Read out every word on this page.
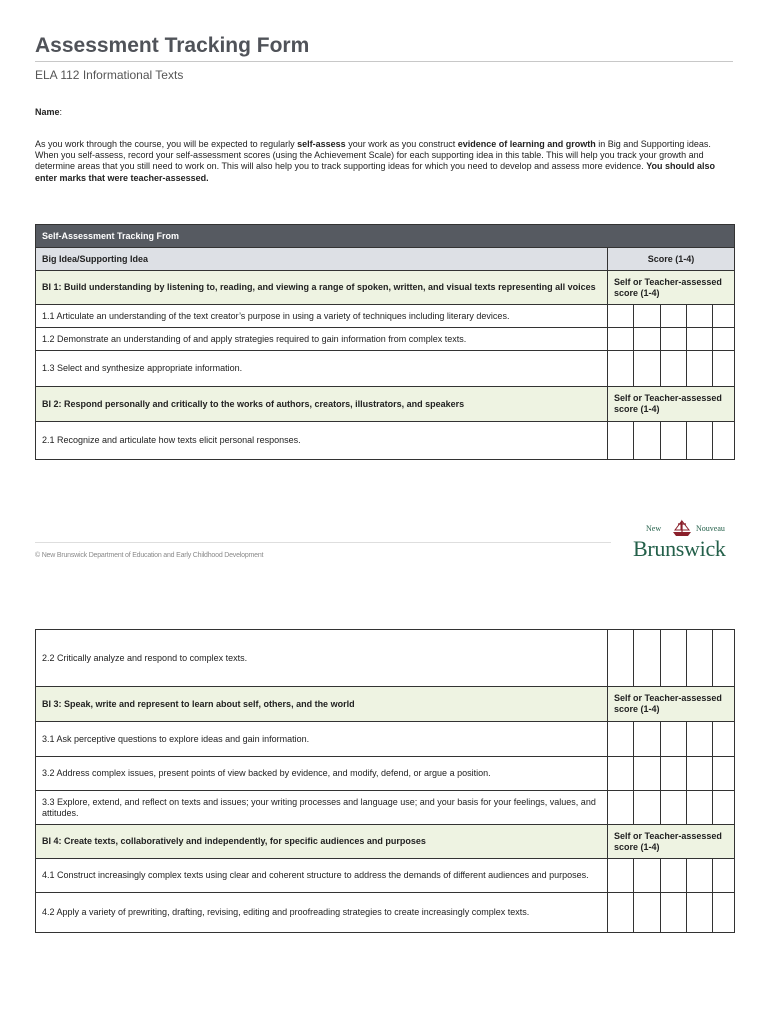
Assessment Tracking Form
ELA 112 Informational Texts
Name:
As you work through the course, you will be expected to regularly self-assess your work as you construct evidence of learning and growth in Big and Supporting ideas. When you self-assess, record your self-assessment scores (using the Achievement Scale) for each supporting idea in this table. This will help you track your growth and determine areas that you still need to work on. This will also help you to track supporting ideas for which you need to develop and assess more evidence. You should also enter marks that were teacher-assessed.
Self-Assessment Tracking From					
Big Idea/Supporting Idea	Score (1-4)				
BI 1: Build understanding by listening to, reading, and viewing a range of spoken, written, and visual texts representing all voices	Self or Teacher-assessed score (1-4)				
1.1 Articulate an understanding of the text creator’s purpose in using a variety of techniques including literary devices.					
1.2 Demonstrate an understanding of and apply strategies required to gain information from complex texts.					
1.3 Select and synthesize appropriate information.					
BI 2: Respond personally and critically to the works of authors, creators, illustrators, and speakers	Self or Teacher-assessed score (1-4)				
2.1 Recognize and articulate how texts elicit personal responses.					
© New Brunswick Department of Education and Early Childhood Development
New	Nouveau
Brunswick
2.2 Critically analyze and respond to complex texts.					
BI 3: Speak, write and represent to learn about self, others, and the world	Self or Teacher-assessed score (1-4)				
3.1 Ask perceptive questions to explore ideas and gain information.					
3.2 Address complex issues, present points of view backed by evidence, and modify, defend, or argue a position.					
3.3 Explore, extend, and reflect on texts and issues; your writing processes and language use; and your basis for your feelings, values, and attitudes.					
BI 4: Create texts, collaboratively and independently, for specific audiences and purposes	Self or Teacher-assessed score (1-4)				
4.1 Construct increasingly complex texts using clear and coherent structure to address the demands of different audiences and purposes.					
4.2 Apply a variety of prewriting, drafting, revising, editing and proofreading strategies to create increasingly complex texts.					
